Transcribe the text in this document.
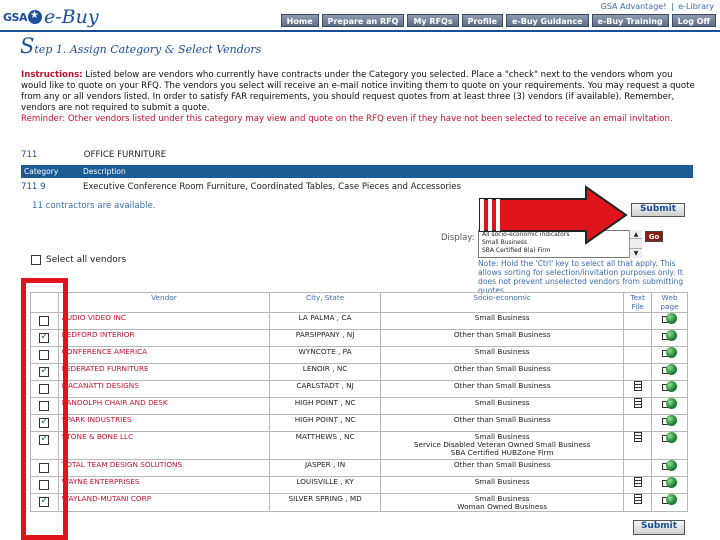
GSA ★ e-Buy	GSA Advantage! | e-Library
Home	Prepare an RFQ	My RFQs	Profile	e-Buy Guidance	e-Buy Training	Log Off
Step 1. Assign Category & Select Vendors
Instructions: Listed below are vendors who currently have contracts under the Category you selected. Place a "check" next to the vendors whom you would like to quote on your RFQ. The vendors you select will receive an e-mail notice inviting them to quote on your requirements. You may request a quote from any or all vendors listed. In order to satisfy FAR requirements, you should request quotes from at least three (3) vendors (if available). Remember, vendors are not required to submit a quote.
Reminder: Other vendors listed under this category may view and quote on the RFQ even if they have not been selected to receive an email invitation.
711	OFFICE FURNITURE
Category	Description
711 9	Executive Conference Room Furniture, Coordinated Tables, Case Pieces and Accessories
11 contractors are available.	Submit
Display: All socio-economic indicators
Small Business
SBA Certified 8(a) Firm
▲
▼
Go
Note: Hold the 'Ctrl' key to select all that apply. This allows sorting for selection/invitation purposes only. It does not prevent unselected vendors from submitting quotes.
Select all vendors
	Vendor	City, State	Socio-economic	Text File	Web page
	AUDIO VIDEO INC	LA PALMA , CA	Small Business		

✓	BEDFORD INTERIOR	PARSIPPANY , NJ	Other than Small Business		

	CONFERENCE AMERICA	WYNCOTE , PA	Small Business		

✓	FEDERATED FURNITURE	LENOIR , NC	Other than Small Business		

	MACANATTI DESIGNS	CARLSTADT , NJ	Other than Small Business		

	RANDOLPH CHAIR AND DESK	HIGH POINT , NC	Small Business		

✓	SPARK INDUSTRIES	HIGH POINT , NC	Other than Small Business		

✓	STONE & BONE LLC	MATTHEWS , NC	Small Business
Service Disabled Veteran Owned Small Business
SBA Certified HUBZone Firm		

	TOTAL TEAM DESIGN SOLUTIONS	JASPER , IN	Other than Small Business		

	WAYNE ENTERPRISES	LOUISVILLE , KY	Small Business		

✓	WAYLAND-MUTANI CORP	SILVER SPRING , MD	Small Business
Woman Owned Business		
Submit
